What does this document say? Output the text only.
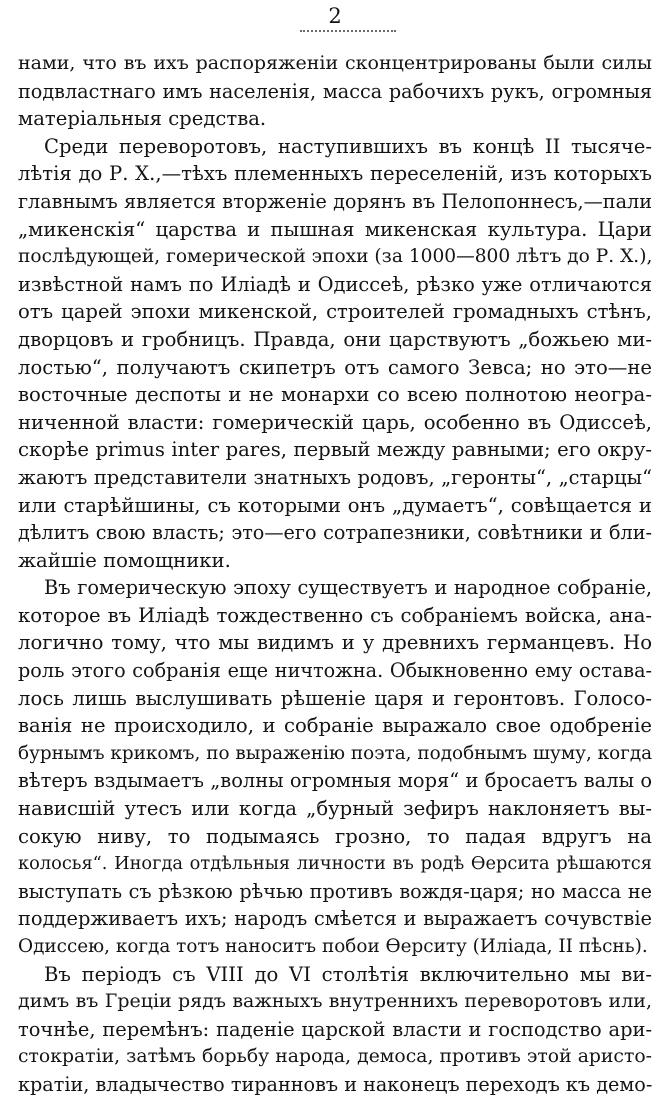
2
нами, что въ ихъ распоряженіи сконцентрированы были силы
подвластнаго имъ населенія, масса рабочихъ рукъ, огромныя
матеріальныя средства.
Среди переворотовъ, наступившихъ въ концѣ II тысяче-
лѣтія до Р. Х.,—тѣхъ племенныхъ переселеній, изъ которыхъ
главнымъ является вторженіе дорянъ въ Пелопоннесъ,—пали
„микенскія“ царства и пышная микенская культура. Цари
послѣдующей, гомерической эпохи (за 1000—800 лѣтъ до Р. Х.),
извѣстной намъ по Иліадѣ и Одиссеѣ, рѣзко уже отличаются
отъ царей эпохи микенской, строителей громадныхъ стѣнъ,
дворцовъ и гробницъ. Правда, они царствуютъ „божьею ми-
лостью“, получаютъ скипетръ отъ самого Зевса; но это—не
восточные деспоты и не монархи со всею полнотою неогра-
ниченной власти: гомерическій царь, особенно въ Одиссеѣ,
скорѣе primus inter pares, первый между равными; его окру-
жаютъ представители знатныхъ родовъ, „геронты“, „старцы“
или старѣйшины, съ которыми онъ „думаетъ“, совѣщается и
дѣлитъ свою власть; это—его сотрапезники, совѣтники и бли-
жайшіе помощники.
Въ гомерическую эпоху существуетъ и народное собраніе,
которое въ Иліадѣ тождественно съ собраніемъ войска, ана-
логично тому, что мы видимъ и у древнихъ германцевъ. Но
роль этого собранія еще ничтожна. Обыкновенно ему остава-
лось лишь выслушивать рѣшеніе царя и геронтовъ. Голосо-
ванія не происходило, и собраніе выражало свое одобреніе
бурнымъ крикомъ, по выраженію поэта, подобнымъ шуму, когда
вѣтеръ вздымаетъ „волны огромныя моря“ и бросаетъ валы о
нависшій утесъ или когда „бурный зефиръ наклоняетъ вы-
сокую ниву, то подымаясь грозно, то падая вдругъ на
колосья“. Иногда отдѣльныя личности въ родѣ Ѳерсита рѣшаются
выступать съ рѣзкою рѣчью противъ вождя-царя; но масса не
поддерживаетъ ихъ; народъ смѣется и выражаетъ сочувствіе
Одиссею, когда тотъ наноситъ побои Ѳерситу (Иліада, II пѣснь).
Въ періодъ съ VIII до VI столѣтія включительно мы ви-
димъ въ Греціи рядъ важныхъ внутреннихъ переворотовъ или,
точнѣе, перемѣнъ: паденіе царской власти и господство ари-
стократіи, затѣмъ борьбу народа, демоса, противъ этой аристо-
кратіи, владычество тиранновъ и наконецъ переходъ къ демо-
